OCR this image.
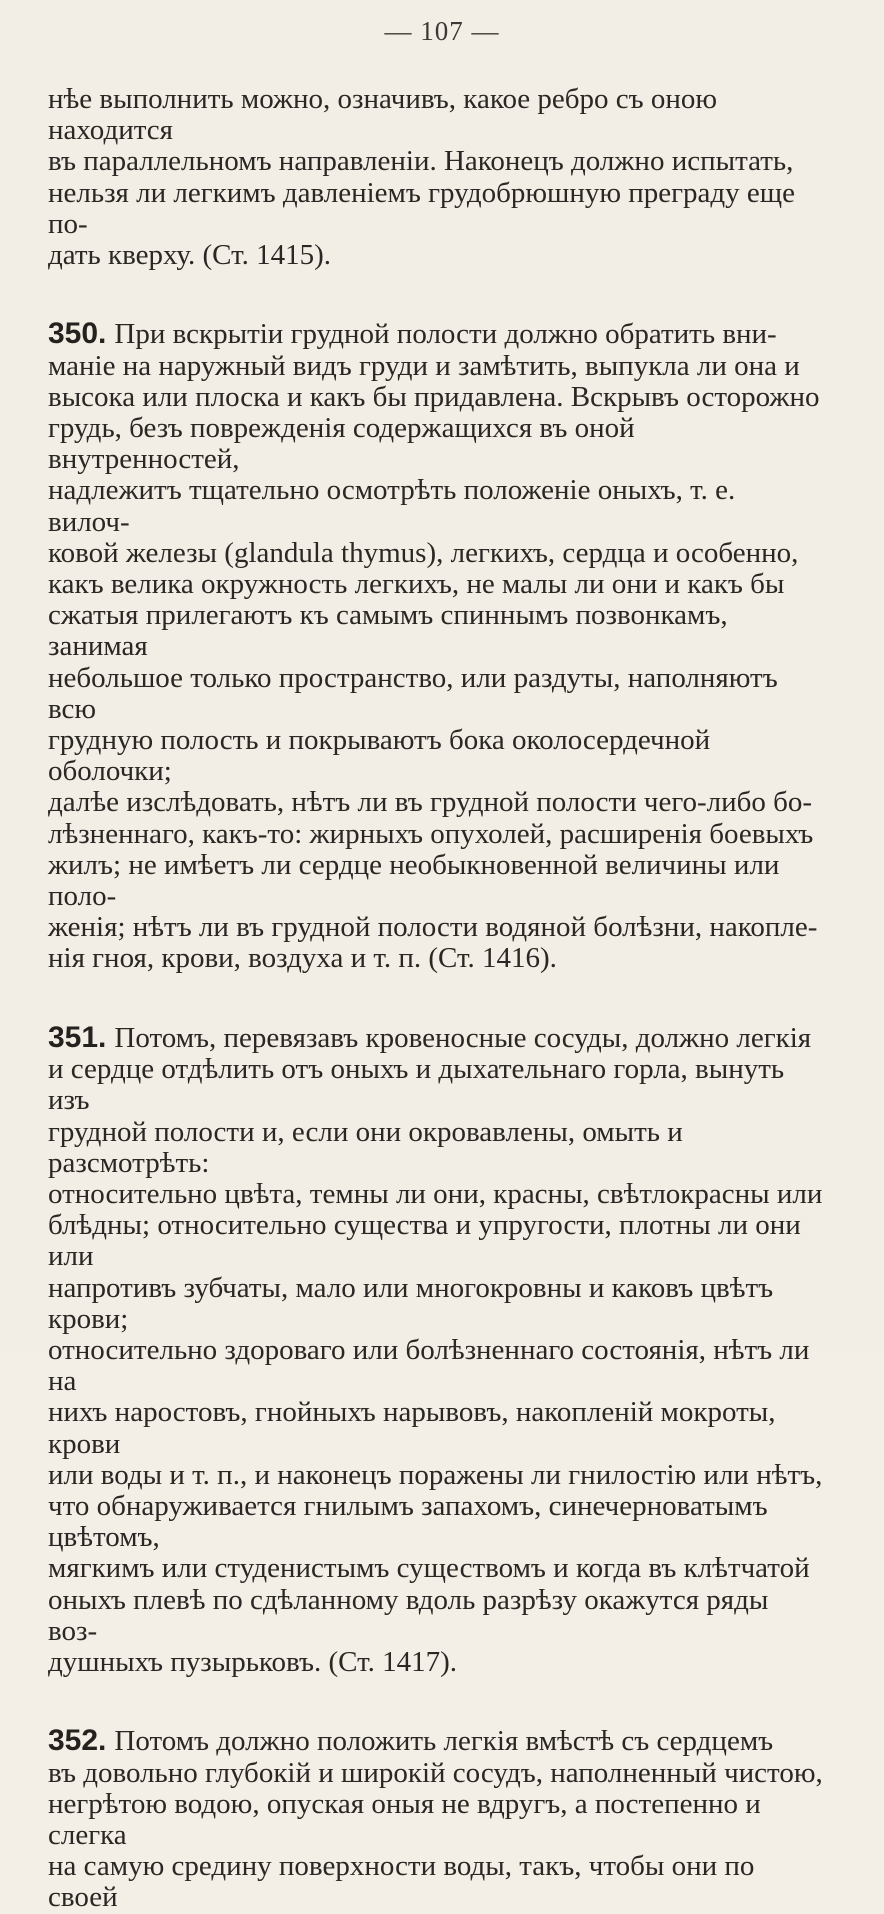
— 107 —

нѣе выполнить можно, означивъ, какое ребро съ оною находится
въ параллельномъ направленіи. Наконецъ должно испытать,
нельзя ли легкимъ давленіемъ грудобрюшную преграду еще по-
дать кверху. (Ст. 1415).

350. При вскрытіи грудной полости должно обратить вни-
маніе на наружный видъ груди и замѣтить, выпукла ли она и
высока или плоска и какъ бы придавлена. Вскрывъ осторожно
грудь, безъ поврежденія содержащихся въ оной внутренностей,
надлежитъ тщательно осмотрѣть положеніе оныхъ, т. е. вилоч-
ковой железы (glandula thymus), легкихъ, сердца и особенно,
какъ велика окружность легкихъ, не малы ли они и какъ бы
сжатыя прилегаютъ къ самымъ спиннымъ позвонкамъ, занимая
небольшое только пространство, или раздуты, наполняютъ всю
грудную полость и покрываютъ бока околосердечной оболочки;
далѣе изслѣдовать, нѣтъ ли въ грудной полости чего-либо бо-
лѣзненнаго, какъ-то: жирныхъ опухолей, расширенія боевыхъ
жилъ; не имѣетъ ли сердце необыкновенной величины или поло-
женія; нѣтъ ли въ грудной полости водяной болѣзни, накопле-
нія гноя, крови, воздуха и т. п. (Ст. 1416).

351. Потомъ, перевязавъ кровеносные сосуды, должно легкія
и сердце отдѣлить отъ оныхъ и дыхательнаго горла, вынуть изъ
грудной полости и, если они окровавлены, омыть и разсмотрѣть:
относительно цвѣта, темны ли они, красны, свѣтлокрасны или
блѣдны; относительно существа и упругости, плотны ли они или
напротивъ зубчаты, мало или многокровны и каковъ цвѣтъ крови;
относительно здороваго или болѣзненнаго состоянія, нѣтъ ли на
нихъ наростовъ, гнойныхъ нарывовъ, накопленій мокроты, крови
или воды и т. п., и наконецъ поражены ли гнилостію или нѣтъ,
что обнаруживается гнилымъ запахомъ, синечерноватымъ цвѣтомъ,
мягкимъ или студенистымъ существомъ и когда въ клѣтчатой
оныхъ плевѣ по сдѣланному вдоль разрѣзу окажутся ряды воз-
душныхъ пузырьковъ. (Ст. 1417).

352. Потомъ должно положить легкія вмѣстѣ съ сердцемъ
въ довольно глубокій и широкій сосудъ, наполненный чистою,
негрѣтою водою, опуская оныя не вдругъ, а постепенно и слегка
на самую средину поверхности воды, такъ, чтобы они по своей
